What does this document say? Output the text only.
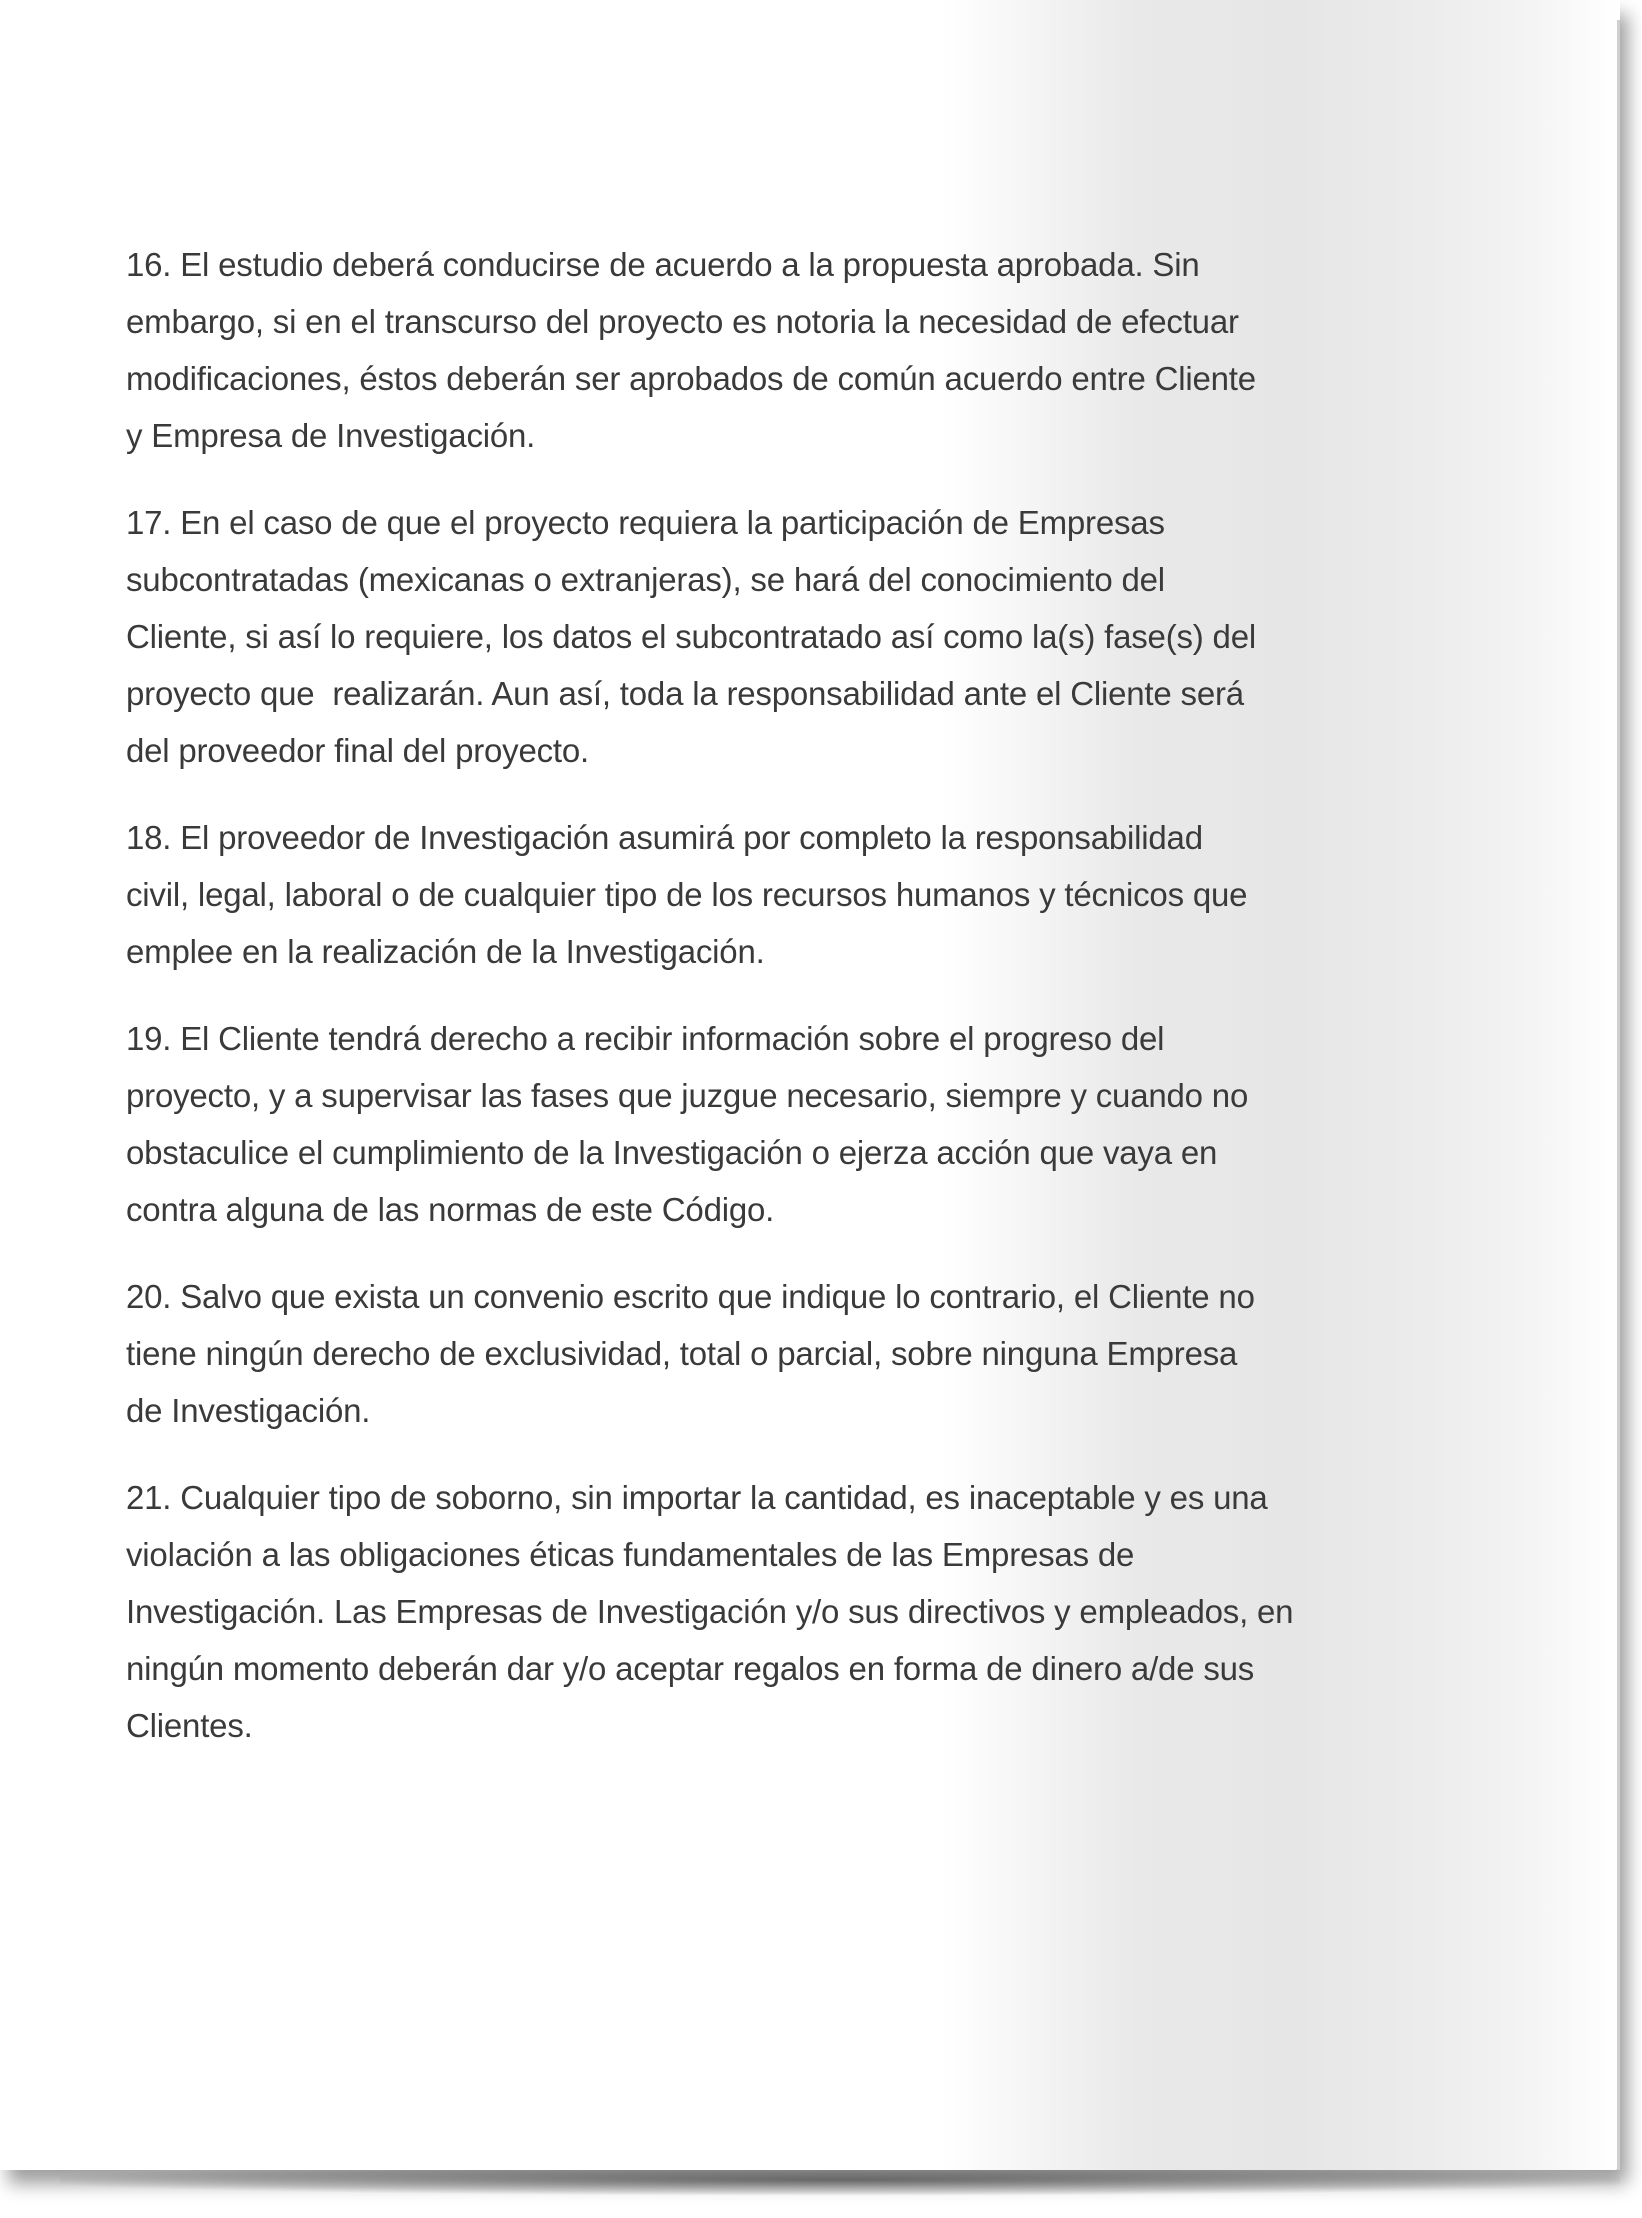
16. El estudio deberá conducirse de acuerdo a la propuesta aprobada. Sin
embargo, si en el transcurso del proyecto es notoria la necesidad de efectuar
modificaciones, éstos deberán ser aprobados de común acuerdo entre Cliente
y Empresa de Investigación.

17. En el caso de que el proyecto requiera la participación de Empresas
subcontratadas (mexicanas o extranjeras), se hará del conocimiento del
Cliente, si así lo requiere, los datos el subcontratado así como la(s) fase(s) del
proyecto que  realizarán. Aun así, toda la responsabilidad ante el Cliente será
del proveedor final del proyecto.

18. El proveedor de Investigación asumirá por completo la responsabilidad
civil, legal, laboral o de cualquier tipo de los recursos humanos y técnicos que
emplee en la realización de la Investigación.

19. El Cliente tendrá derecho a recibir información sobre el progreso del
proyecto, y a supervisar las fases que juzgue necesario, siempre y cuando no
obstaculice el cumplimiento de la Investigación o ejerza acción que vaya en
contra alguna de las normas de este Código.

20. Salvo que exista un convenio escrito que indique lo contrario, el Cliente no
tiene ningún derecho de exclusividad, total o parcial, sobre ninguna Empresa
de Investigación.

21. Cualquier tipo de soborno, sin importar la cantidad, es inaceptable y es una
violación a las obligaciones éticas fundamentales de las Empresas de
Investigación. Las Empresas de Investigación y/o sus directivos y empleados, en
ningún momento deberán dar y/o aceptar regalos en forma de dinero a/de sus
Clientes.
